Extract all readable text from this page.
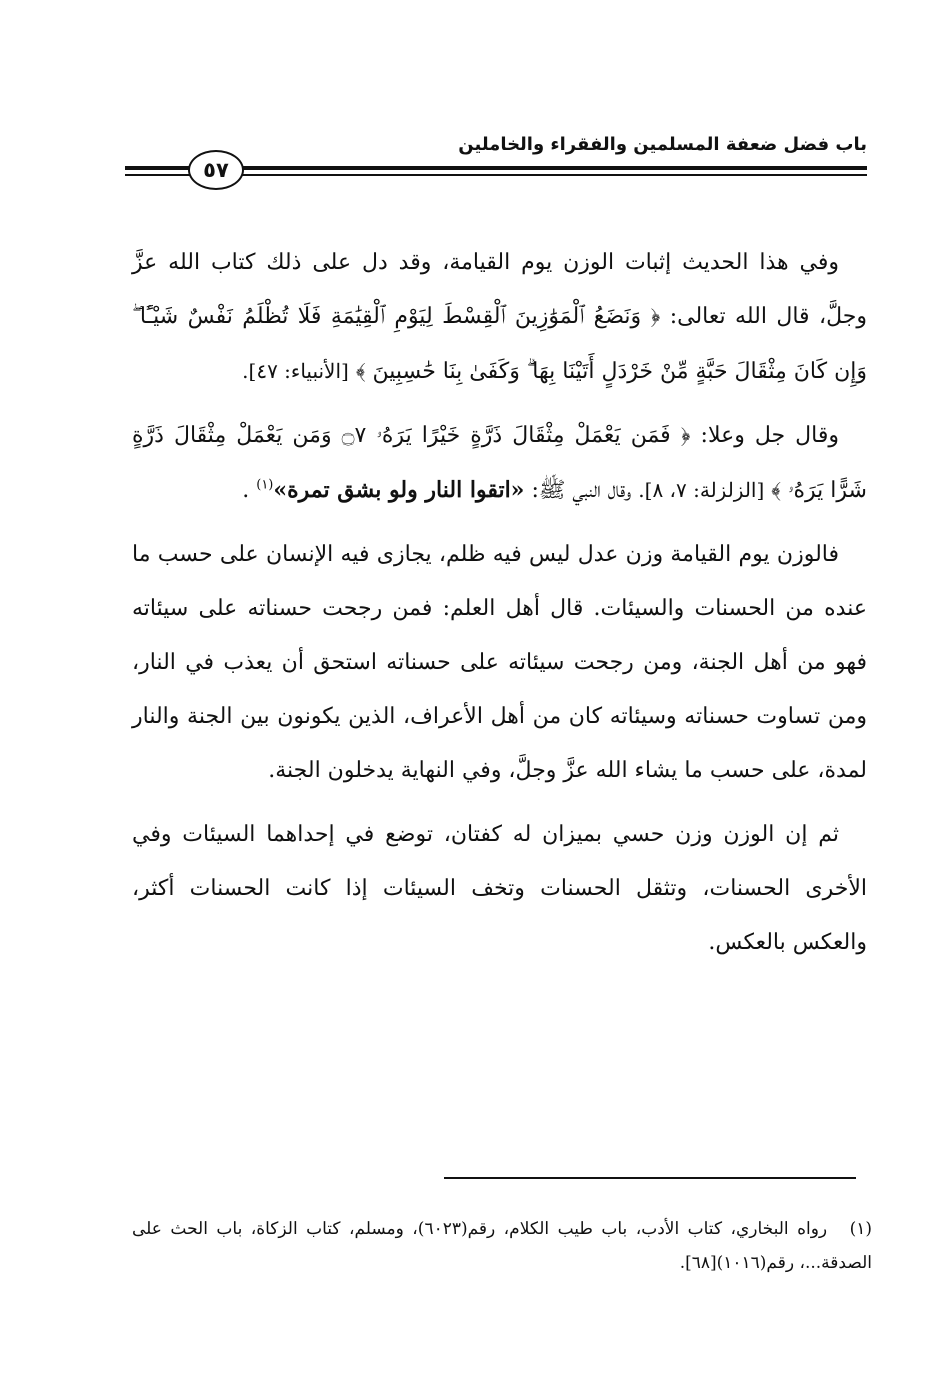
باب فضل ضعفة المسلمين والفقراء والخاملين
٥٧

وفي هذا الحديث إثبات الوزن يوم القيامة، وقد دل على ذلك كتاب الله عزَّ وجلَّ، قال الله تعالى: ﴿ وَنَضَعُ ٱلْمَوَٰزِينَ ٱلْقِسْطَ لِيَوْمِ ٱلْقِيَٰمَةِ فَلَا تُظْلَمُ نَفْسٌ شَيْـًٔا ۖ وَإِن كَانَ مِثْقَالَ حَبَّةٍ مِّنْ خَرْدَلٍ أَتَيْنَا بِهَا ۗ وَكَفَىٰ بِنَا حَٰسِبِينَ ﴾ [الأنبياء: ٤٧].

وقال جل وعلا: ﴿ فَمَن يَعْمَلْ مِثْقَالَ ذَرَّةٍ خَيْرًا يَرَهُۥ ۝٧ وَمَن يَعْمَلْ مِثْقَالَ ذَرَّةٍ شَرًّا يَرَهُۥ ﴾ [الزلزلة: ٧، ٨]. وقال النبي ﷺ: «اتقوا النار ولو بشق تمرة»$^{(١)}$ .

فالوزن يوم القيامة وزن عدل ليس فيه ظلم، يجازى فيه الإنسان على حسب ما عنده من الحسنات والسيئات. قال أهل العلم: فمن رجحت حسناته على سيئاته فهو من أهل الجنة، ومن رجحت سيئاته على حسناته استحق أن يعذب في النار، ومن تساوت حسناته وسيئاته كان من أهل الأعراف، الذين يكونون بين الجنة والنار لمدة، على حسب ما يشاء الله عزَّ وجلَّ، وفي النهاية يدخلون الجنة.

ثم إن الوزن وزن حسي بميزان له كفتان، توضع في إحداهما السيئات وفي الأخرى الحسنات، وتثقل الحسنات وتخف السيئات إذا كانت الحسنات أكثر، والعكس بالعكس.

(١) رواه البخاري، كتاب الأدب، باب طيب الكلام، رقم(٦٠٢٣)، ومسلم، كتاب الزكاة، باب الحث على الصدقة...، رقم(١٠١٦)[٦٨].
